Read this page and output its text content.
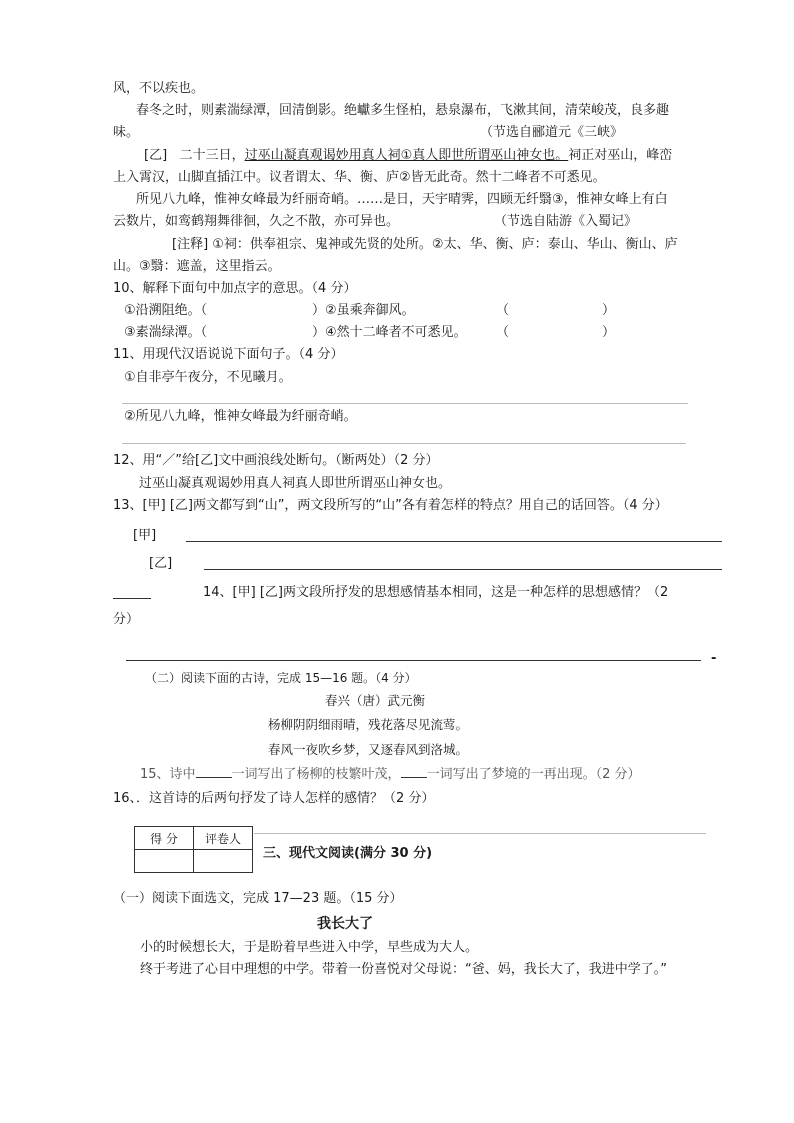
风，不以疾也。
春冬之时，则素湍绿潭，回清倒影。绝巘多生怪柏，悬泉瀑布，飞漱其间，清荣峻茂，良多趣
味。	（节选自郦道元《三峡》
[乙] 二十三日，过巫山凝真观谒妙用真人祠①真人即世所谓巫山神女也。祠正对巫山，峰峦
上入霄汉，山脚直插江中。议者谓太、华、衡、庐②皆无此奇。然十二峰者不可悉见。
所见八九峰，惟神女峰最为纤丽奇峭。……是日，天宇晴霁，四顾无纤翳③，惟神女峰上有白
云数片，如鸾鹤翔舞徘徊，久之不散，亦可异也。	（节选自陆游《入蜀记》
[注释] ①祠：供奉祖宗、鬼神或先贤的处所。②太、华、衡、庐：泰山、华山、衡山、庐
山。③翳：遮盖，这里指云。
10、解释下面句中加点字的意思。（4 分）
①沿溯阻绝。（	）②虽乘奔御风。	（	）
③素湍绿潭。（	）④然十二峰者不可悉见。 （	）
11、用现代汉语说说下面句子。（4 分）
①自非亭午夜分，不见曦月。
②所见八九峰，惟神女峰最为纤丽奇峭。
12、用“／”给[乙]文中画浪线处断句。（断两处）（2 分）
过巫山凝真观谒妙用真人祠真人即世所谓巫山神女也。
13、[甲] [乙]两文都写到“山”，两文段所写的“山”各有着怎样的特点？用自己的话回答。（4 分）
[甲]
[乙]
14、[甲] [乙]两文段所抒发的思想感情基本相同，这是一种怎样的思想感情？（2
分）
-
（二）阅读下面的古诗，完成 15—16 题。（4 分）
春兴（唐）武元衡
杨柳阴阴细雨晴，残花落尽见流莺。
春风一夜吹乡梦，又逐春风到洛城。
15、诗中	一词写出了杨柳的枝繁叶茂， 一词写出了梦境的一再出现。（2 分）
16、．这首诗的后两句抒发了诗人怎样的感情？（2 分）
得 分	评卷人

三、现代文阅读(满分 30 分)
（一）阅读下面选文，完成 17—23 题。（15 分）
我长大了
小的时候想长大，于是盼着早些进入中学，早些成为大人。
终于考进了心目中理想的中学。带着一份喜悦对父母说：“爸、妈，我长大了，我进中学了。”
